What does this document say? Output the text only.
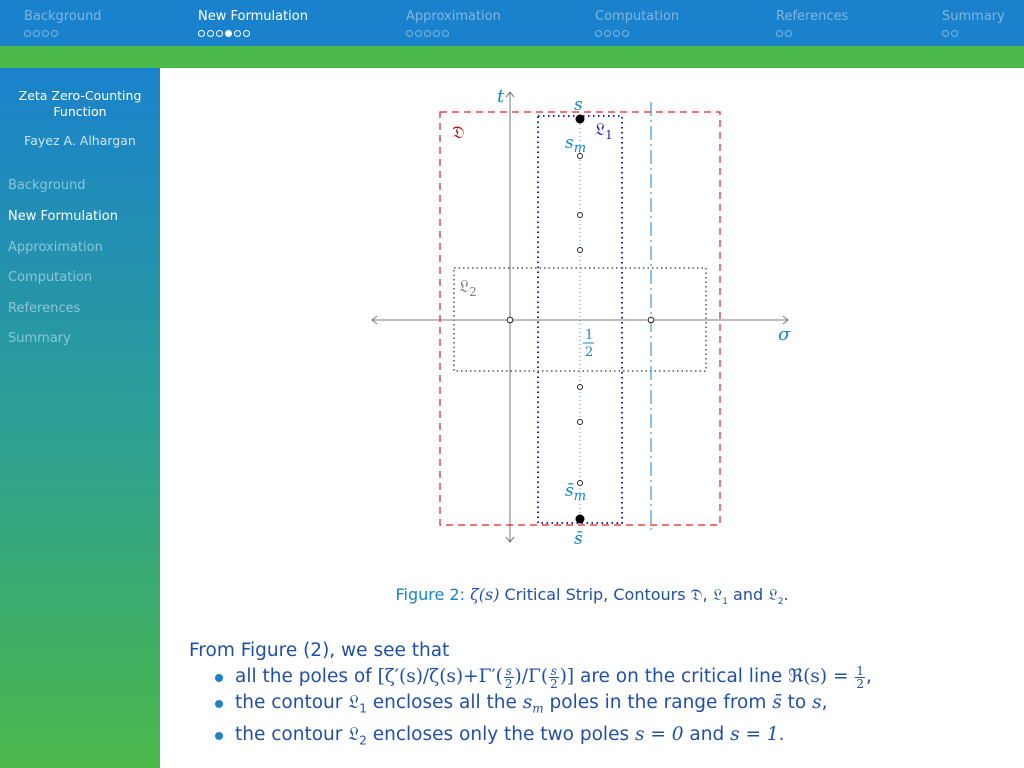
Background	New Formulation	Approximation	Computation	References	Summary
Zeta Zero-Counting Function
Fayez A. Alhargan
Background
New Formulation
Approximation
Computation
References
Summary
t
σ
s
$s_m$
$s̄_m$
s̄
1
2
𝔇	𝔏$_1$
𝔏$_2$
Figure 2: ζ(s) Critical Strip, Contours 𝔇, 𝔏$_1$ and 𝔏$_2$.
From Figure (2), we see that
all the poles of [$\zeta'(s)/\zeta(s)+\Gamma'( \frac{s}{2} )/\Gamma( \frac{s}{2}$ )] are on the critical line ℜ(s) = $\frac{1}{2}$ ,
the contour 𝔏$_1$ encloses all the $s_m$ poles in the range from s̄ to s,
the contour 𝔏$_2$ encloses only the two poles s = 0 and s = 1.
